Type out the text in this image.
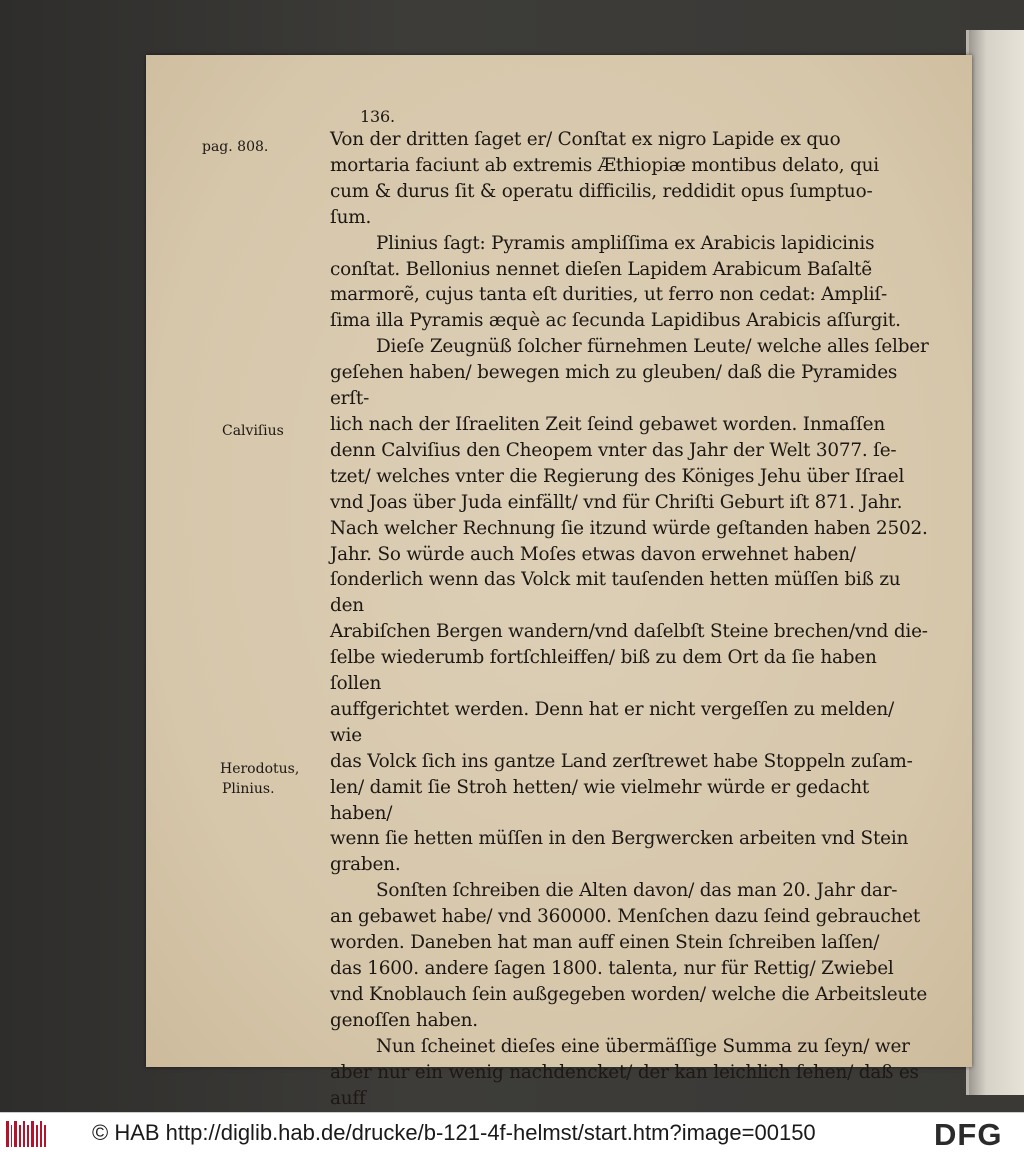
pag. 808.
Calviſius
Herodotus,
Plinius.
136.

Von der dritten ſaget er/ Conſtat ex nigro Lapide ex quo
mortaria faciunt ab extremis Æthiopiæ montibus delato, qui
cum & durus ſit & operatu difficilis, reddidit opus ſumptuo-
ſum.

Plinius ſagt: Pyramis ampliſſima ex Arabicis lapidicinis
conſtat. Bellonius nennet dieſen Lapidem Arabicum Baſaltẽ
marmorẽ, cujus tanta eſt durities, ut ferro non cedat: Ampliſ-
ſima illa Pyramis æquè ac ſecunda Lapidibus Arabicis aſſurgit.

Dieſe Zeugnüß ſolcher fürnehmen Leute/ welche alles ſelber
geſehen haben/ bewegen mich zu gleuben/ daß die Pyramides erſt-
lich nach der Iſraeliten Zeit ſeind gebawet worden. Inmaſſen
denn Calviſius den Cheopem vnter das Jahr der Welt 3077. ſe-
tzet/ welches vnter die Regierung des Königes Jehu über Iſrael
vnd Joas über Juda einfällt/ vnd für Chriſti Geburt iſt 871. Jahr.
Nach welcher Rechnung ſie itzund würde geſtanden haben 2502.
Jahr. So würde auch Moſes etwas davon erwehnet haben/
ſonderlich wenn das Volck mit tauſenden hetten müſſen biß zu den
Arabiſchen Bergen wandern/vnd daſelbſt Steine brechen/vnd die-
ſelbe wiederumb fortſchleiffen/ biß zu dem Ort da ſie haben ſollen
auffgerichtet werden. Denn hat er nicht vergeſſen zu melden/ wie
das Volck ſich ins gantze Land zerſtrewet habe Stoppeln zuſam-
len/ damit ſie Stroh hetten/ wie vielmehr würde er gedacht haben/
wenn ſie hetten müſſen in den Bergwercken arbeiten vnd Stein
graben.

Sonſten ſchreiben die Alten davon/ das man 20. Jahr dar-
an gebawet habe/ vnd 360000. Menſchen dazu ſeind gebrauchet
worden. Daneben hat man auff einen Stein ſchreiben laſſen/
das 1600. andere ſagen 1800. talenta, nur für Rettig/ Zwiebel
vnd Knoblauch ſein außgegeben worden/ welche die Arbeitsleute
genoſſen haben.

Nun ſcheinet dieſes eine übermäſſige Summa zu ſeyn/ wer
aber nur ein wenig nachdencket/ der kan leichlich ſehen/ daß es auff

© HAB http://diglib.hab.de/drucke/b-121-4f-helmst/start.htm?image=00150	DFG
